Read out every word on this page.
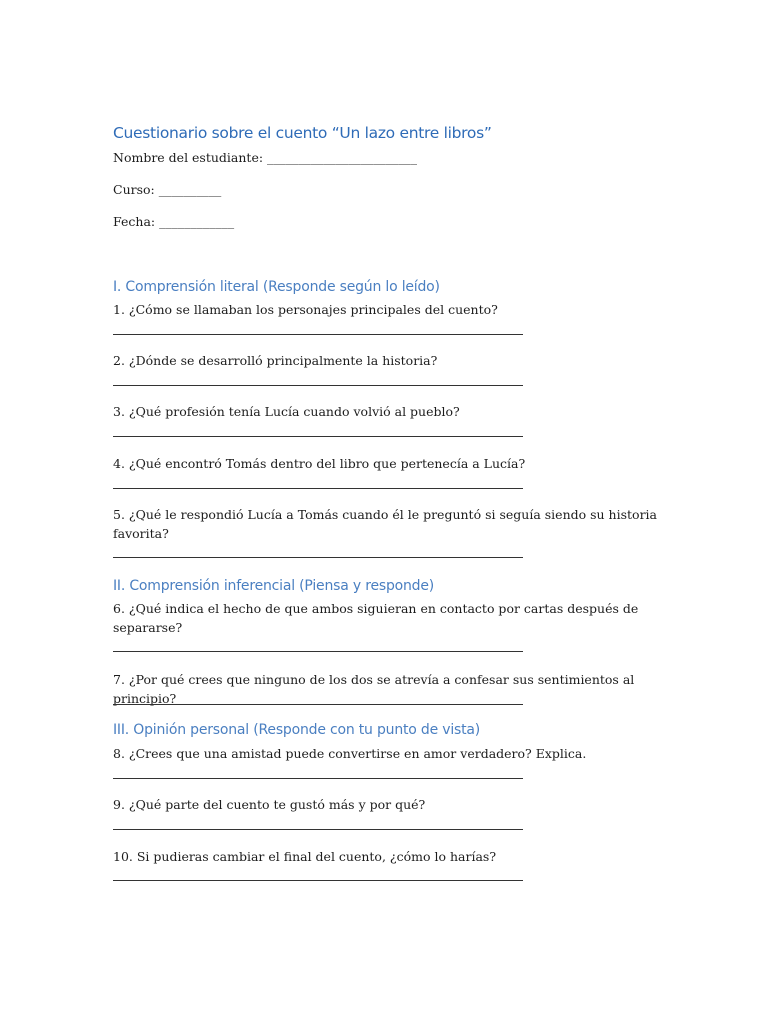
Cuestionario sobre el cuento “Un lazo entre libros”
Nombre del estudiante: ________________________
Curso: __________
Fecha: ____________
I. Comprensión literal (Responde según lo leído)
1. ¿Cómo se llamaban los personajes principales del cuento?
2. ¿Dónde se desarrolló principalmente la historia?
3. ¿Qué profesión tenía Lucía cuando volvió al pueblo?
4. ¿Qué encontró Tomás dentro del libro que pertenecía a Lucía?
5. ¿Qué le respondió Lucía a Tomás cuando él le preguntó si seguía siendo su historia favorita?
II. Comprensión inferencial (Piensa y responde)
6. ¿Qué indica el hecho de que ambos siguieran en contacto por cartas después de separarse?
7. ¿Por qué crees que ninguno de los dos se atrevía a confesar sus sentimientos al principio?
III. Opinión personal (Responde con tu punto de vista)
8. ¿Crees que una amistad puede convertirse en amor verdadero? Explica.
9. ¿Qué parte del cuento te gustó más y por qué?
10. Si pudieras cambiar el final del cuento, ¿cómo lo harías?
